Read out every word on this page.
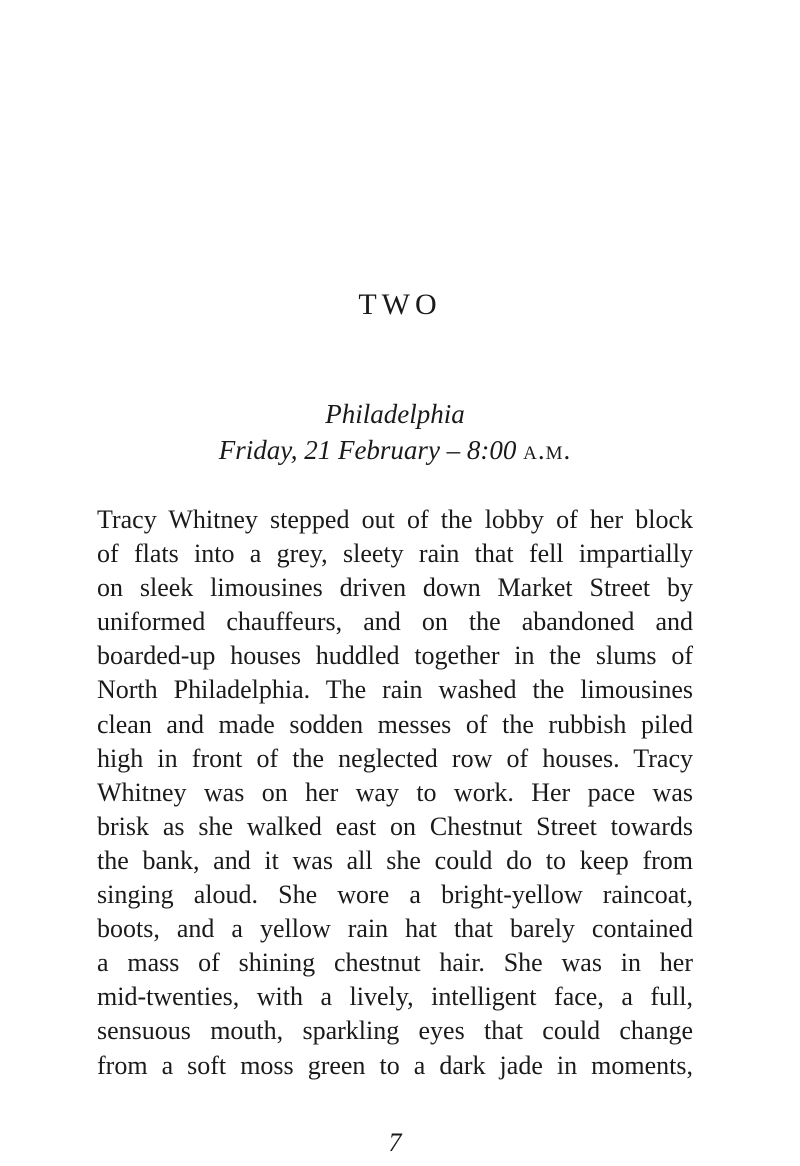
TWO
Philadelphia
Friday, 21 February – 8:00 a.m.
Tracy Whitney stepped out of the lobby of her block
of flats into a grey, sleety rain that fell impartially
on sleek limousines driven down Market Street by
uniformed chauffeurs, and on the abandoned and
boarded-up houses huddled together in the slums of
North Philadelphia. The rain washed the limousines
clean and made sodden messes of the rubbish piled
high in front of the neglected row of houses. Tracy
Whitney was on her way to work. Her pace was
brisk as she walked east on Chestnut Street towards
the bank, and it was all she could do to keep from
singing aloud. She wore a bright-yellow raincoat,
boots, and a yellow rain hat that barely contained
a mass of shining chestnut hair. She was in her
mid-twenties, with a lively, intelligent face, a full,
sensuous mouth, sparkling eyes that could change
from a soft moss green to a dark jade in moments,
7
